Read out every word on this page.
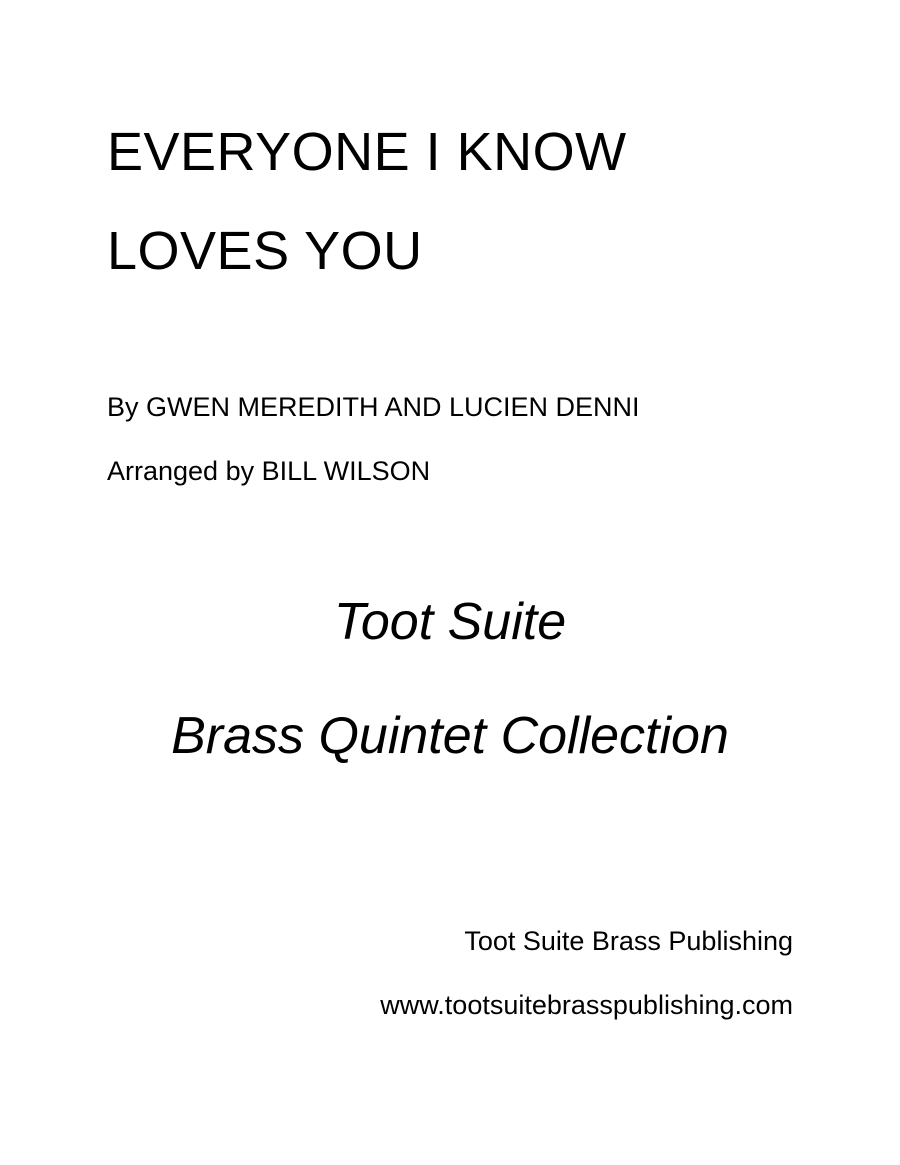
EVERYONE I KNOW
LOVES YOU
By GWEN MEREDITH AND LUCIEN DENNI
Arranged by BILL WILSON
Toot Suite
Brass Quintet Collection
Toot Suite Brass Publishing
www.tootsuitebrasspublishing.com
